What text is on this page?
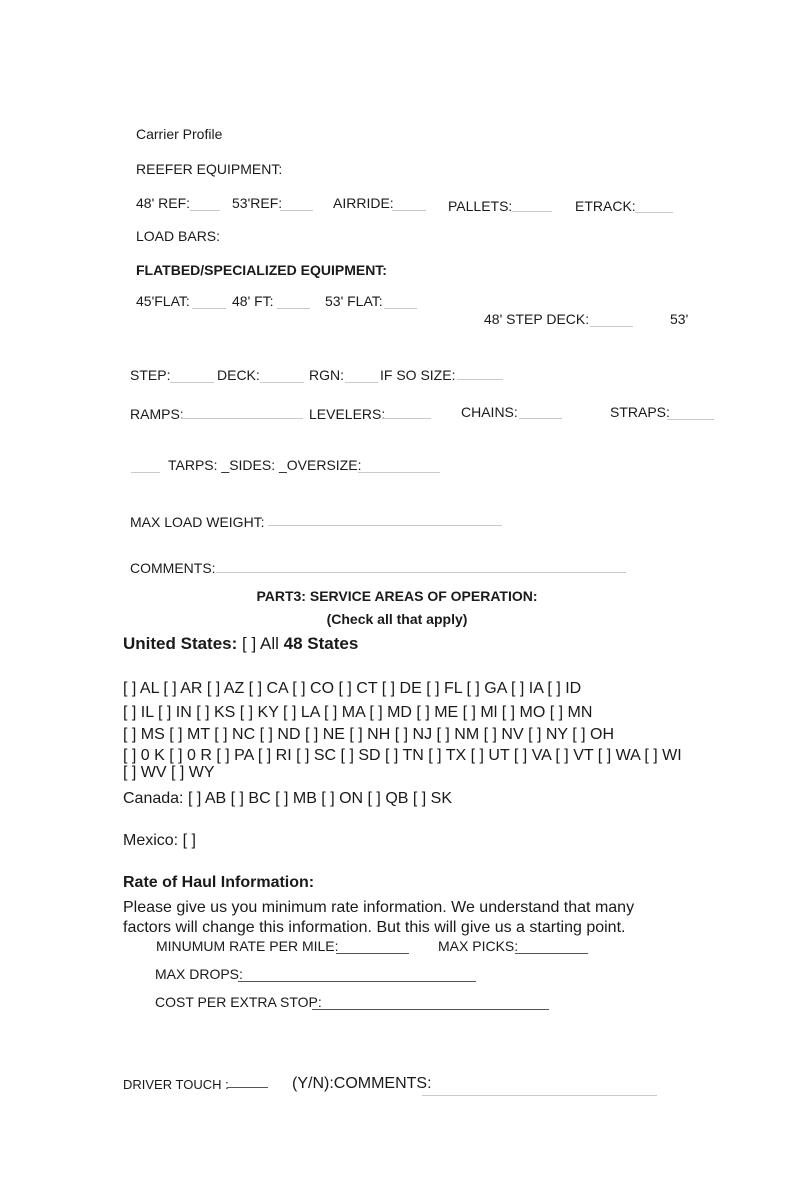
Carrier Profile
REEFER EQUIPMENT:
48' REF:	53'REF:	AIRRIDE:	PALLETS:	ETRACK:
LOAD BARS:
FLATBED/SPECIALIZED EQUIPMENT:
45'FLAT:	48' FT:	53' FLAT:
48' STEP DECK:	53'
STEP:	DECK:	RGN:	IF SO SIZE:
RAMPS:	LEVELERS:	CHAINS:	STRAPS:
TARPS: _SIDES: _OVERSIZE:
MAX LOAD WEIGHT:
COMMENTS:
PART3: SERVICE AREAS OF OPERATION:
(Check all that apply)
United States: [ ] All 48 States
[ ] AL [ ] AR [ ] AZ [ ] CA [ ] CO [ ] CT [ ] DE [ ] FL [ ] GA [ ] IA [ ] ID
[ ] IL [ ] IN [ ] KS [ ] KY [ ] LA [ ] MA [ ] MD [ ] ME [ ] Ml [ ] MO [ ] MN
[ ] MS [ ] MT [ ] NC [ ] ND [ ] NE [ ] NH [ ] NJ [ ] NM [ ] NV [ ] NY [ ] OH
[ ] 0 K [ ] 0 R [ ] PA [ ] RI [ ] SC [ ] SD [ ] TN [ ] TX [ ] UT [ ] VA [ ] VT [ ] WA [ ] WI
[ ] WV [ ] WY
Canada: [ ] AB [ ] BC [ ] MB [ ] ON [ ] QB [ ] SK
Mexico: [ ]
Rate of Haul Information:
Please give us you minimum rate information. We understand that many
factors will change this information. But this will give us a starting point.
MINUMUM RATE PER MILE:	MAX PICKS:
MAX DROPS:
COST PER EXTRA STOP:
DRIVER TOUCH :	(Y/N):COMMENTS:
